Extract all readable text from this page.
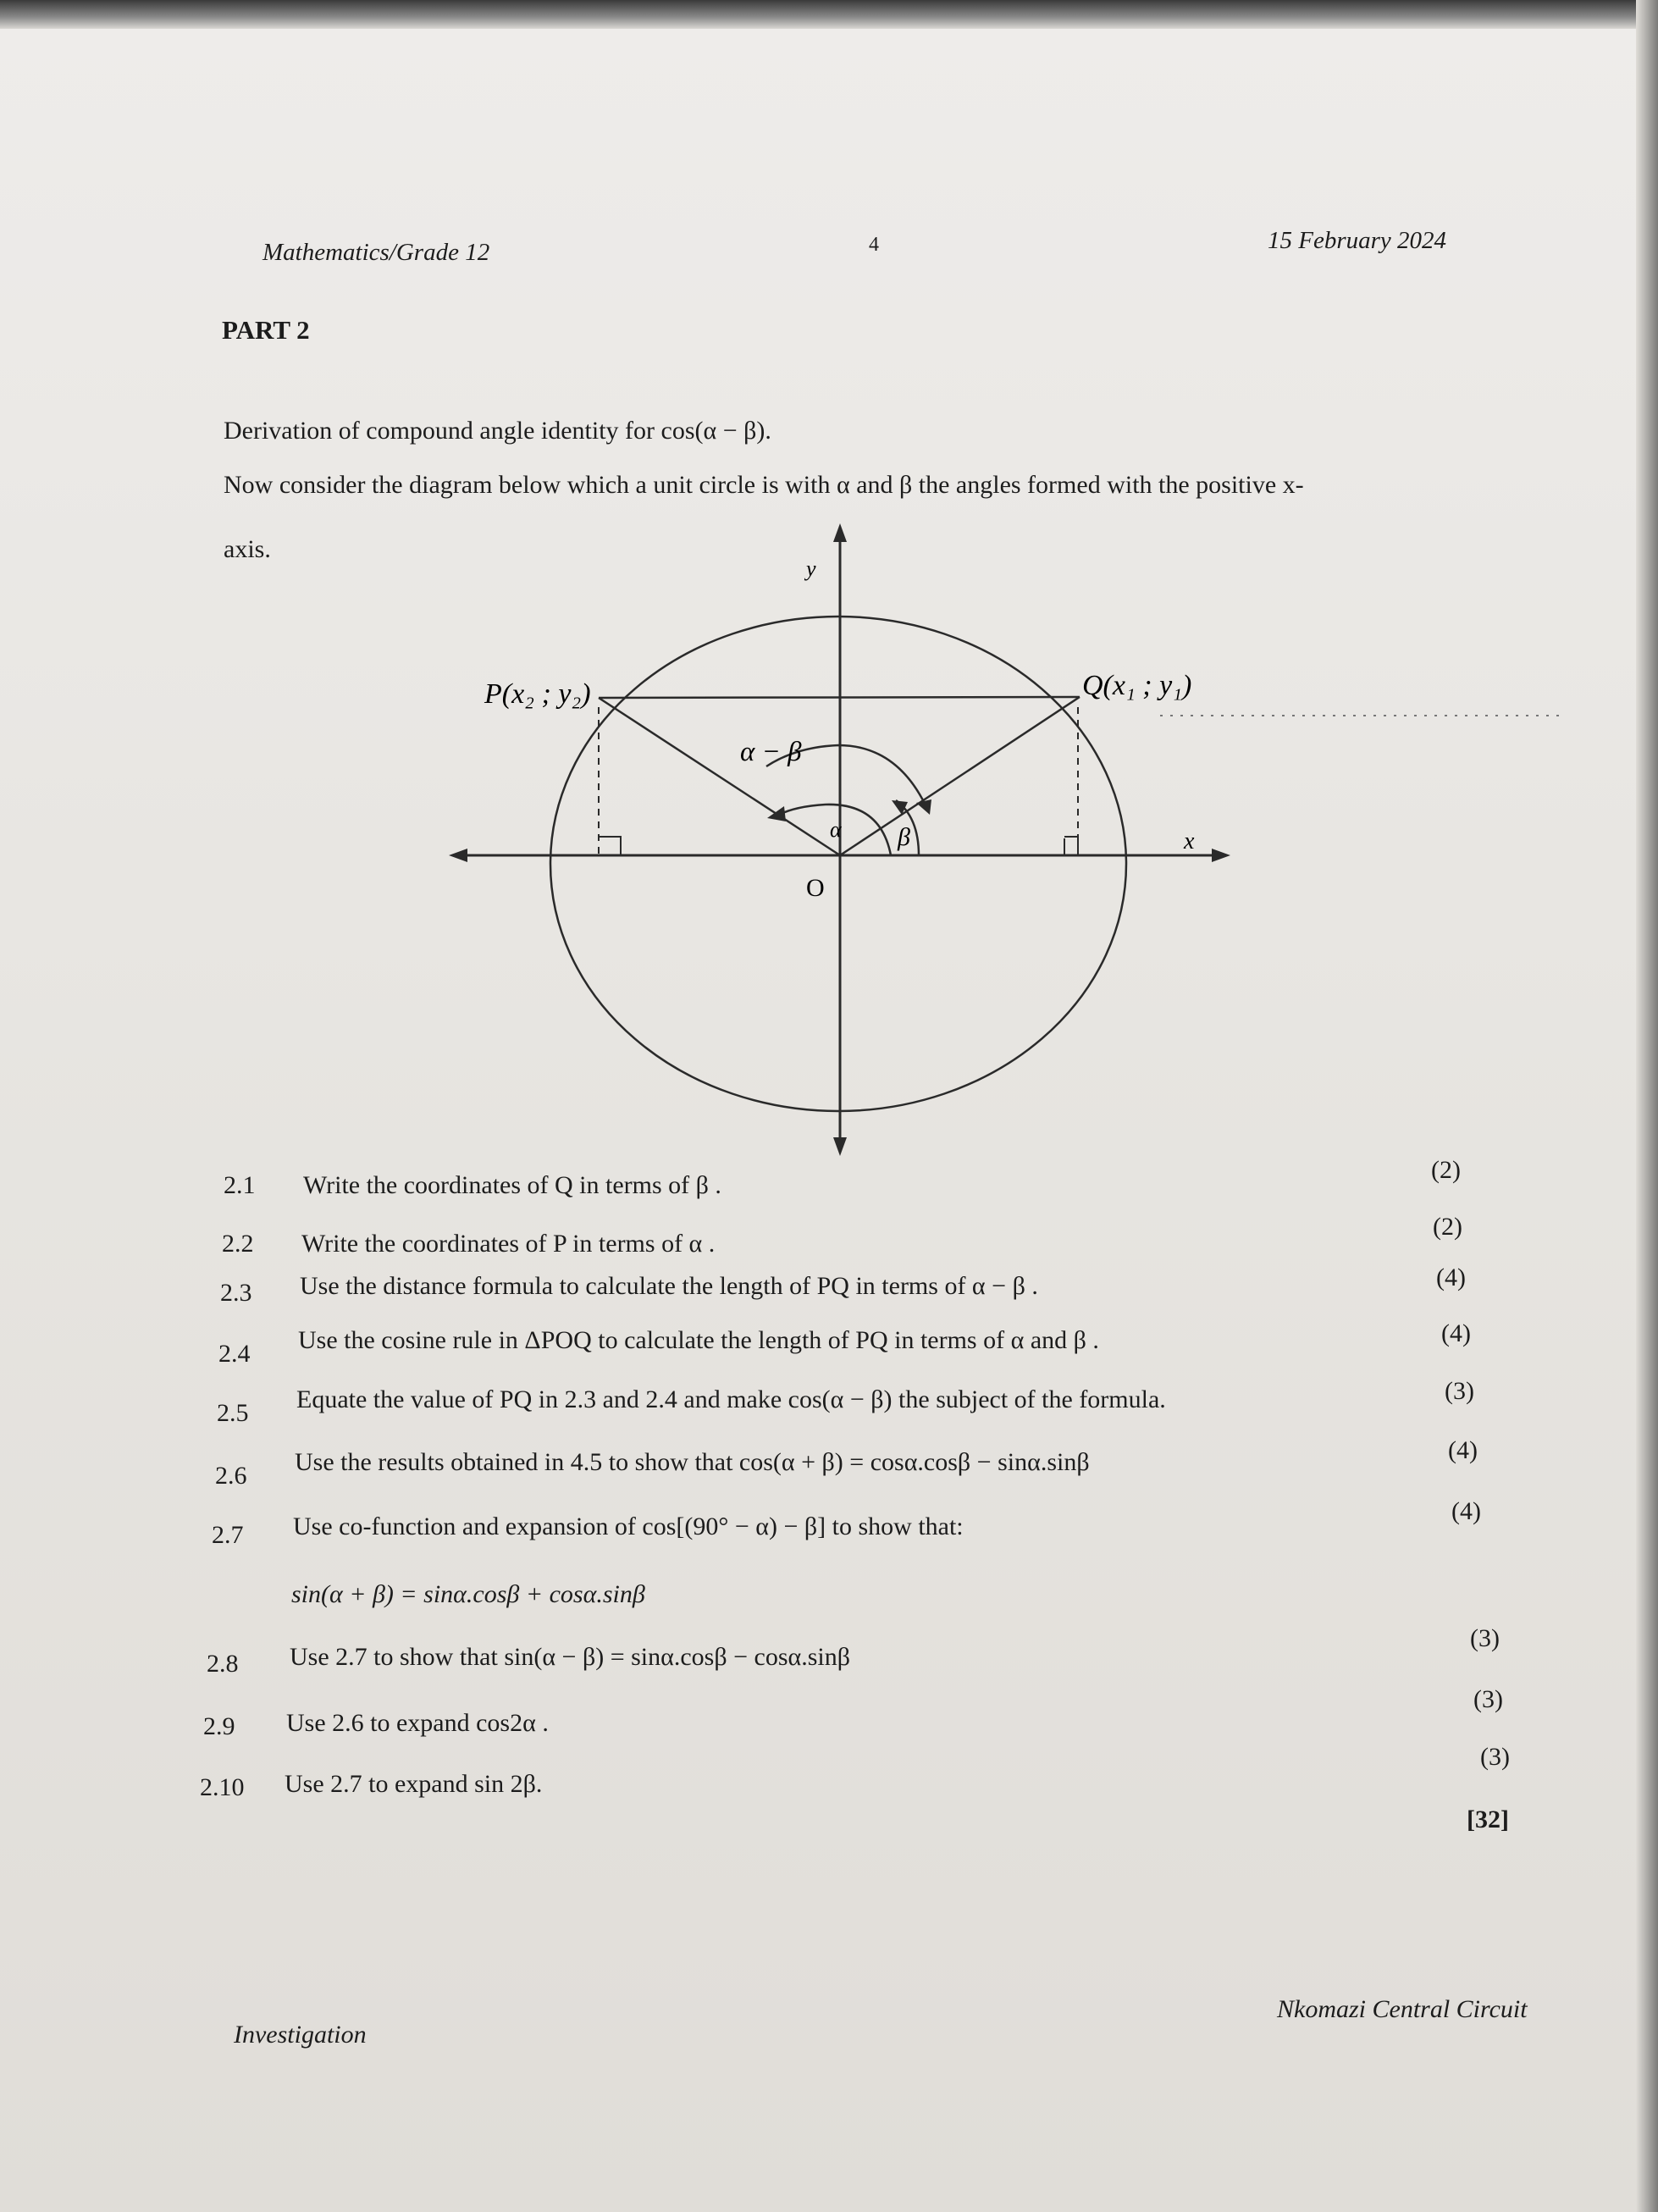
Mathematics/Grade 12	4	15 February 2024
PART 2
Derivation of compound angle identity for cos(α − β).
Now consider the diagram below which a unit circle is with α and β the angles formed with the positive x-
axis.
y
x
O
P(x₂ ; y₂)	Q(x₁ ; y₁)
α − β
α β
2.1 Write the coordinates of Q in terms of β .
(2)
2.2 Write the coordinates of P in terms of α .
(2)
2.3 Use the distance formula to calculate the length of PQ in terms of α − β .	(4)
2.4 Use the cosine rule in ΔPOQ to calculate the length of PQ in terms of α and β .	(4)
2.5 Equate the value of PQ in 2.3 and 2.4 and make cos(α − β) the subject of the formula.	(3)
2.6 Use the results obtained in 4.5 to show that cos(α + β) = cosα.cosβ − sinα.sinβ	(4)
2.7 Use co-function and expansion of cos[(90° − α) − β] to show that:
(4)
sin(α + β) = sinα.cosβ + cosα.sinβ
2.8 Use 2.7 to show that sin(α − β) = sinα.cosβ − cosα.sinβ
(3)
2.9 Use 2.6 to expand cos2α .
(3)
2.10 Use 2.7 to expand sin 2β.
(3)
[32]
Investigation
Nkomazi Central Circuit
